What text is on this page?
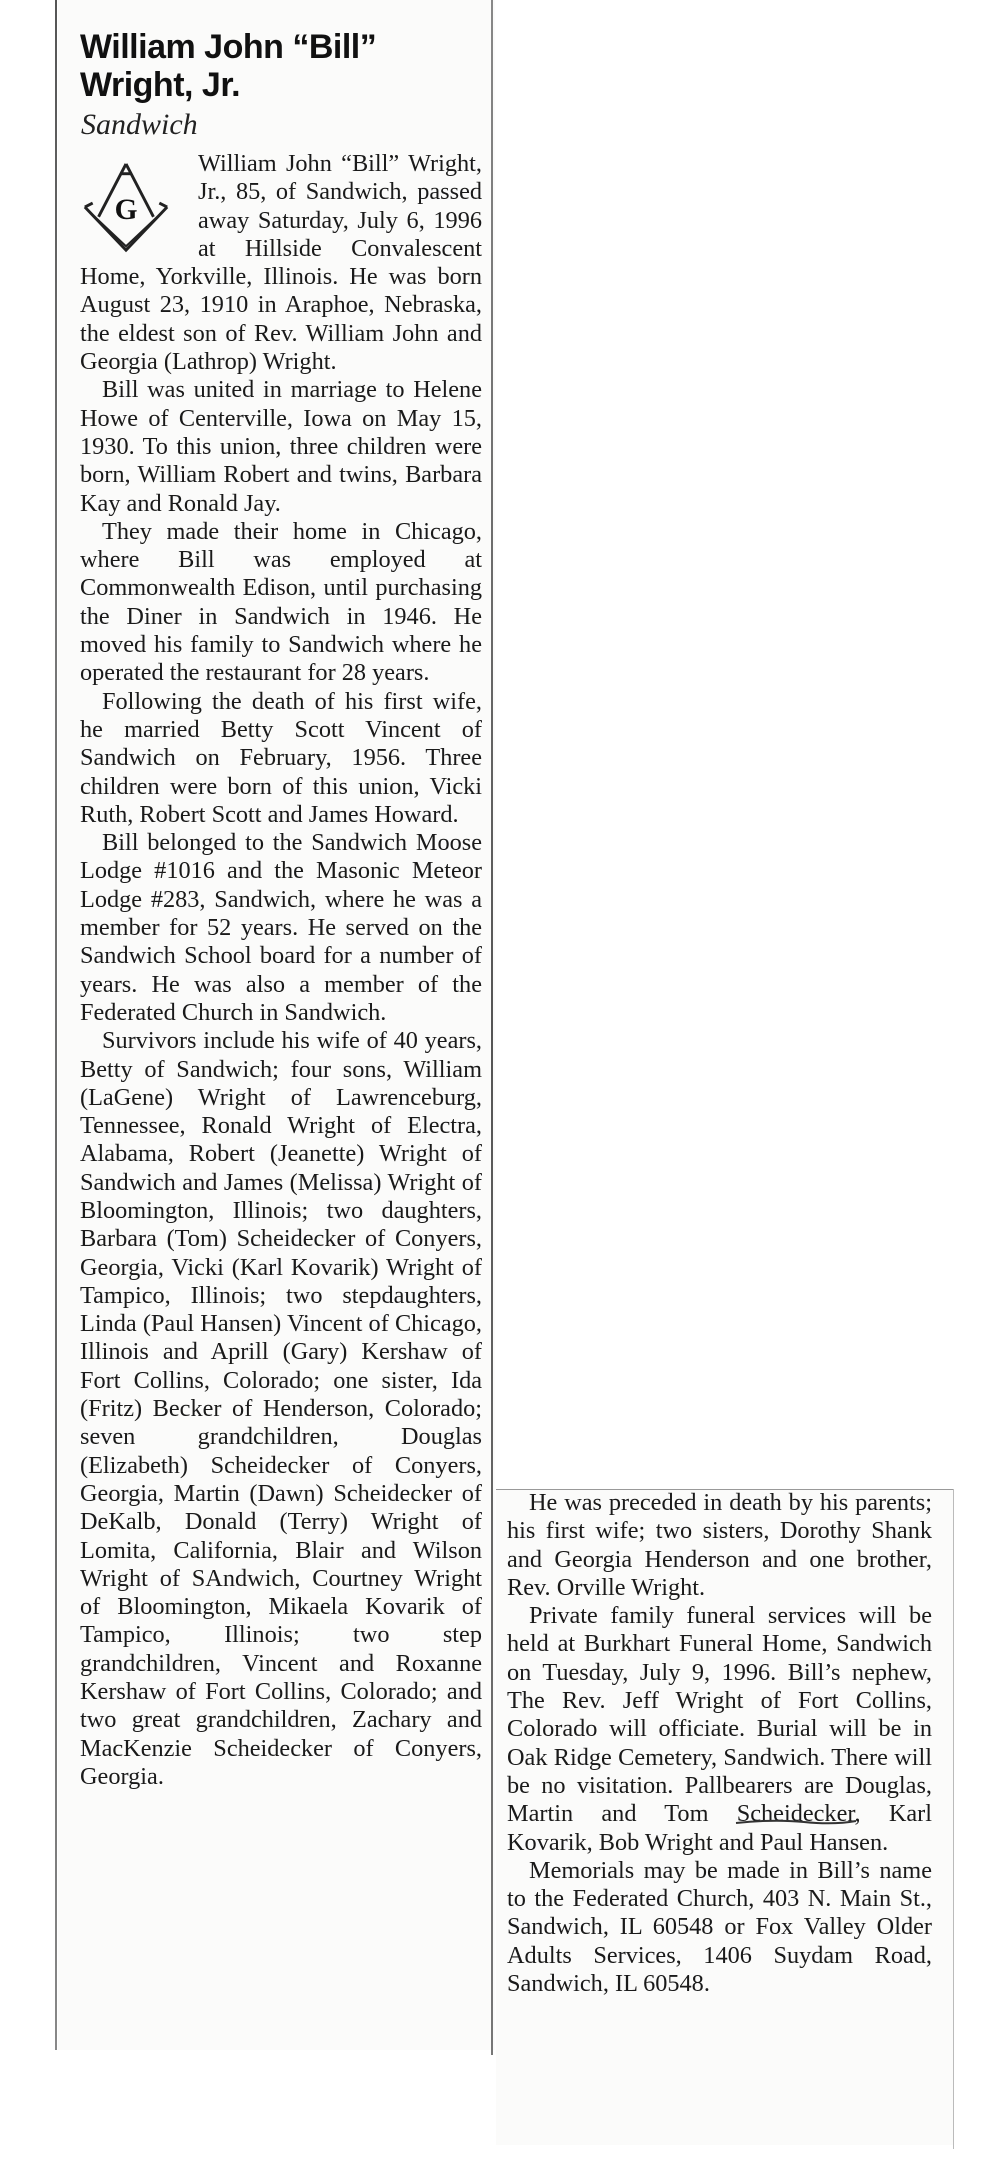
William John “Bill”
Wright, Jr.
Sandwich
G

William John “Bill” Wright, Jr., 85, of Sandwich, passed away Saturday, July 6, 1996 at Hillside Convalescent Home, Yorkville, Illinois. He was born August 23, 1910 in Araphoe, Nebraska, the eldest son of Rev. William John and Georgia (Lathrop) Wright.

Bill was united in marriage to Helene Howe of Centerville, Iowa on May 15, 1930. To this union, three children were born, William Robert and twins, Barbara Kay and Ronald Jay.

They made their home in Chicago, where Bill was employed at Commonwealth Edison, until purchasing the Diner in Sandwich in 1946. He moved his family to Sandwich where he operated the restaurant for 28 years.

Following the death of his first wife, he married Betty Scott Vincent of Sandwich on February, 1956. Three children were born of this union, Vicki Ruth, Robert Scott and James Howard.

Bill belonged to the Sandwich Moose Lodge #1016 and the Masonic Meteor Lodge #283, Sandwich, where he was a member for 52 years. He served on the Sandwich School board for a number of years. He was also a member of the Federated Church in Sandwich.

Survivors include his wife of 40 years, Betty of Sandwich; four sons, William (LaGene) Wright of Lawrenceburg, Tennessee, Ronald Wright of Electra, Alabama, Robert (Jeanette) Wright of Sandwich and James (Melissa) Wright of Bloomington, Illinois; two daughters, Barbara (Tom) Scheidecker of Conyers, Georgia, Vicki (Karl Kovarik) Wright of Tampico, Illinois; two stepdaughters, Linda (Paul Hansen) Vincent of Chicago, Illinois and Aprill (Gary) Kershaw of Fort Collins, Colorado; one sister, Ida (Fritz) Becker of Henderson, Colorado; seven grandchildren, Douglas (Elizabeth) Scheidecker of Conyers, Georgia, Martin (Dawn) Scheidecker of DeKalb, Donald (Terry) Wright of Lomita, California, Blair and Wilson Wright of SAndwich, Courtney Wright of Bloomington, Mikaela Kovarik of Tampico, Illinois; two step grandchildren, Vincent and Roxanne Kershaw of Fort Collins, Colorado; and two great grandchildren, Zachary and MacKenzie Scheidecker of Conyers, Georgia.

He was preceded in death by his parents; his first wife; two sisters, Dorothy Shank and Georgia Henderson and one brother, Rev. Orville Wright.

Private family funeral services will be held at Burkhart Funeral Home, Sandwich on Tuesday, July 9, 1996. Bill’s nephew, The Rev. Jeff Wright of Fort Collins, Colorado will officiate. Burial will be in Oak Ridge Cemetery, Sandwich. There will be no visitation. Pallbearers are Douglas, Martin and Tom Scheidecker, Karl Kovarik, Bob Wright and Paul Hansen.

Memorials may be made in Bill’s name to the Federated Church, 403 N. Main St., Sandwich, IL 60548 or Fox Valley Older Adults Services, 1406 Suydam Road, Sandwich, IL 60548.
